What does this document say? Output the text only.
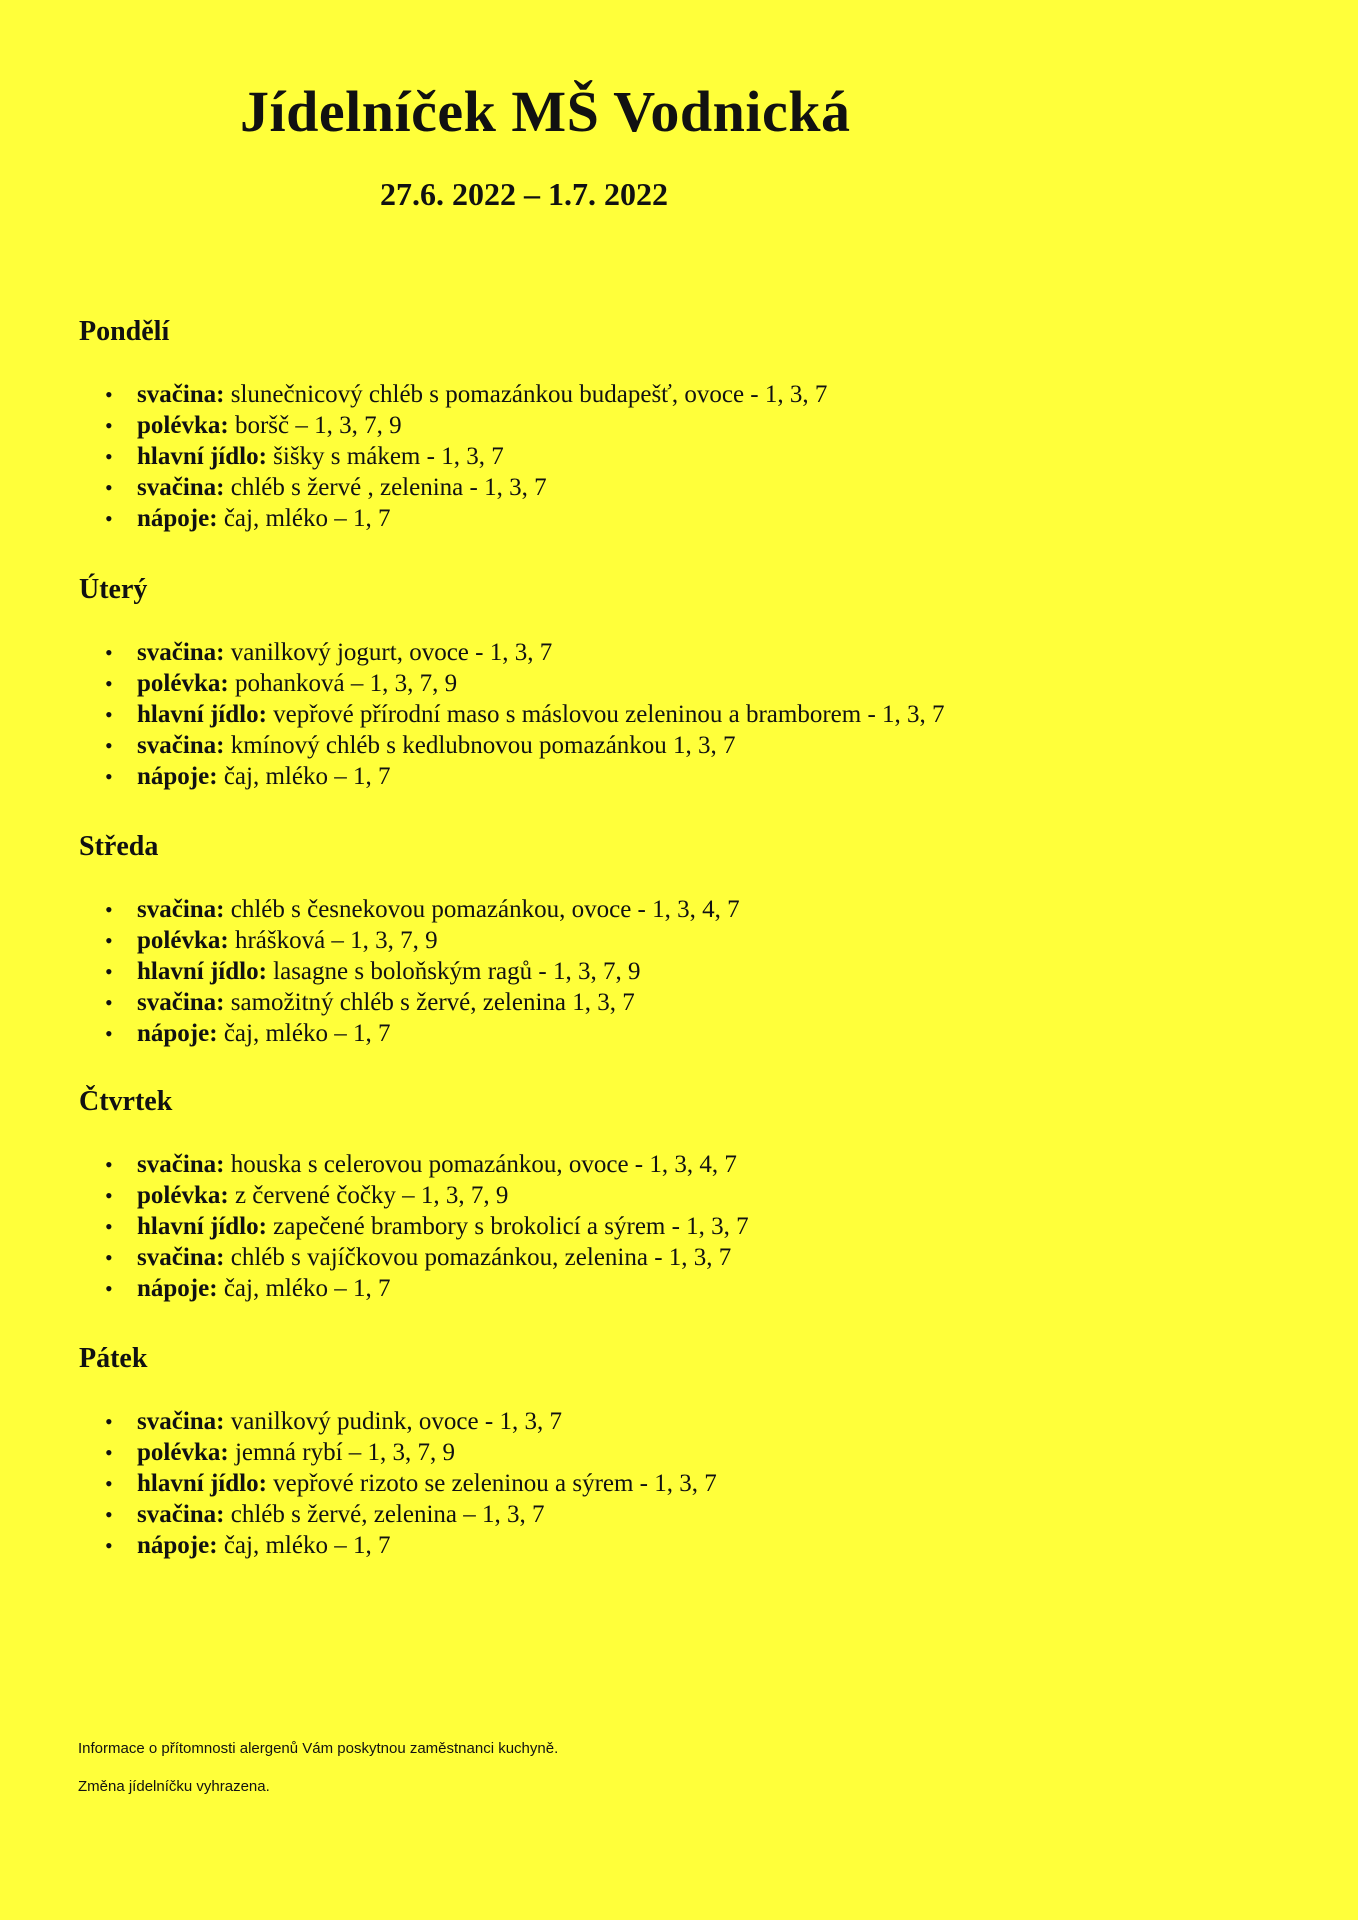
Jídelníček MŠ Vodnická
27.6. 2022 – 1.7. 2022
Pondělí
• svačina: slunečnicový chléb s pomazánkou budapešť, ovoce - 1, 3, 7
• polévka: boršč – 1, 3, 7, 9
• hlavní jídlo: šišky s mákem - 1, 3, 7
• svačina: chléb s žervé , zelenina - 1, 3, 7
• nápoje: čaj, mléko – 1, 7
Úterý
• svačina: vanilkový jogurt, ovoce - 1, 3, 7
• polévka: pohanková – 1, 3, 7, 9
• hlavní jídlo: vepřové přírodní maso s máslovou zeleninou a bramborem - 1, 3, 7
• svačina: kmínový chléb s kedlubnovou pomazánkou 1, 3, 7
• nápoje: čaj, mléko – 1, 7
Středa
• svačina: chléb s česnekovou pomazánkou, ovoce - 1, 3, 4, 7
• polévka: hrášková – 1, 3, 7, 9
• hlavní jídlo: lasagne s boloňským ragů - 1, 3, 7, 9
• svačina: samožitný chléb s žervé, zelenina 1, 3, 7
• nápoje: čaj, mléko – 1, 7
Čtvrtek
• svačina: houska s celerovou pomazánkou, ovoce - 1, 3, 4, 7
• polévka: z červené čočky – 1, 3, 7, 9
• hlavní jídlo: zapečené brambory s brokolicí a sýrem - 1, 3, 7
• svačina: chléb s vajíčkovou pomazánkou, zelenina - 1, 3, 7
• nápoje: čaj, mléko – 1, 7
Pátek
• svačina: vanilkový pudink, ovoce - 1, 3, 7
• polévka: jemná rybí – 1, 3, 7, 9
• hlavní jídlo: vepřové rizoto se zeleninou a sýrem - 1, 3, 7
• svačina: chléb s žervé, zelenina – 1, 3, 7
• nápoje: čaj, mléko – 1, 7

Informace o přítomnosti alergenů Vám poskytnou zaměstnanci kuchyně.

Změna jídelníčku vyhrazena.
